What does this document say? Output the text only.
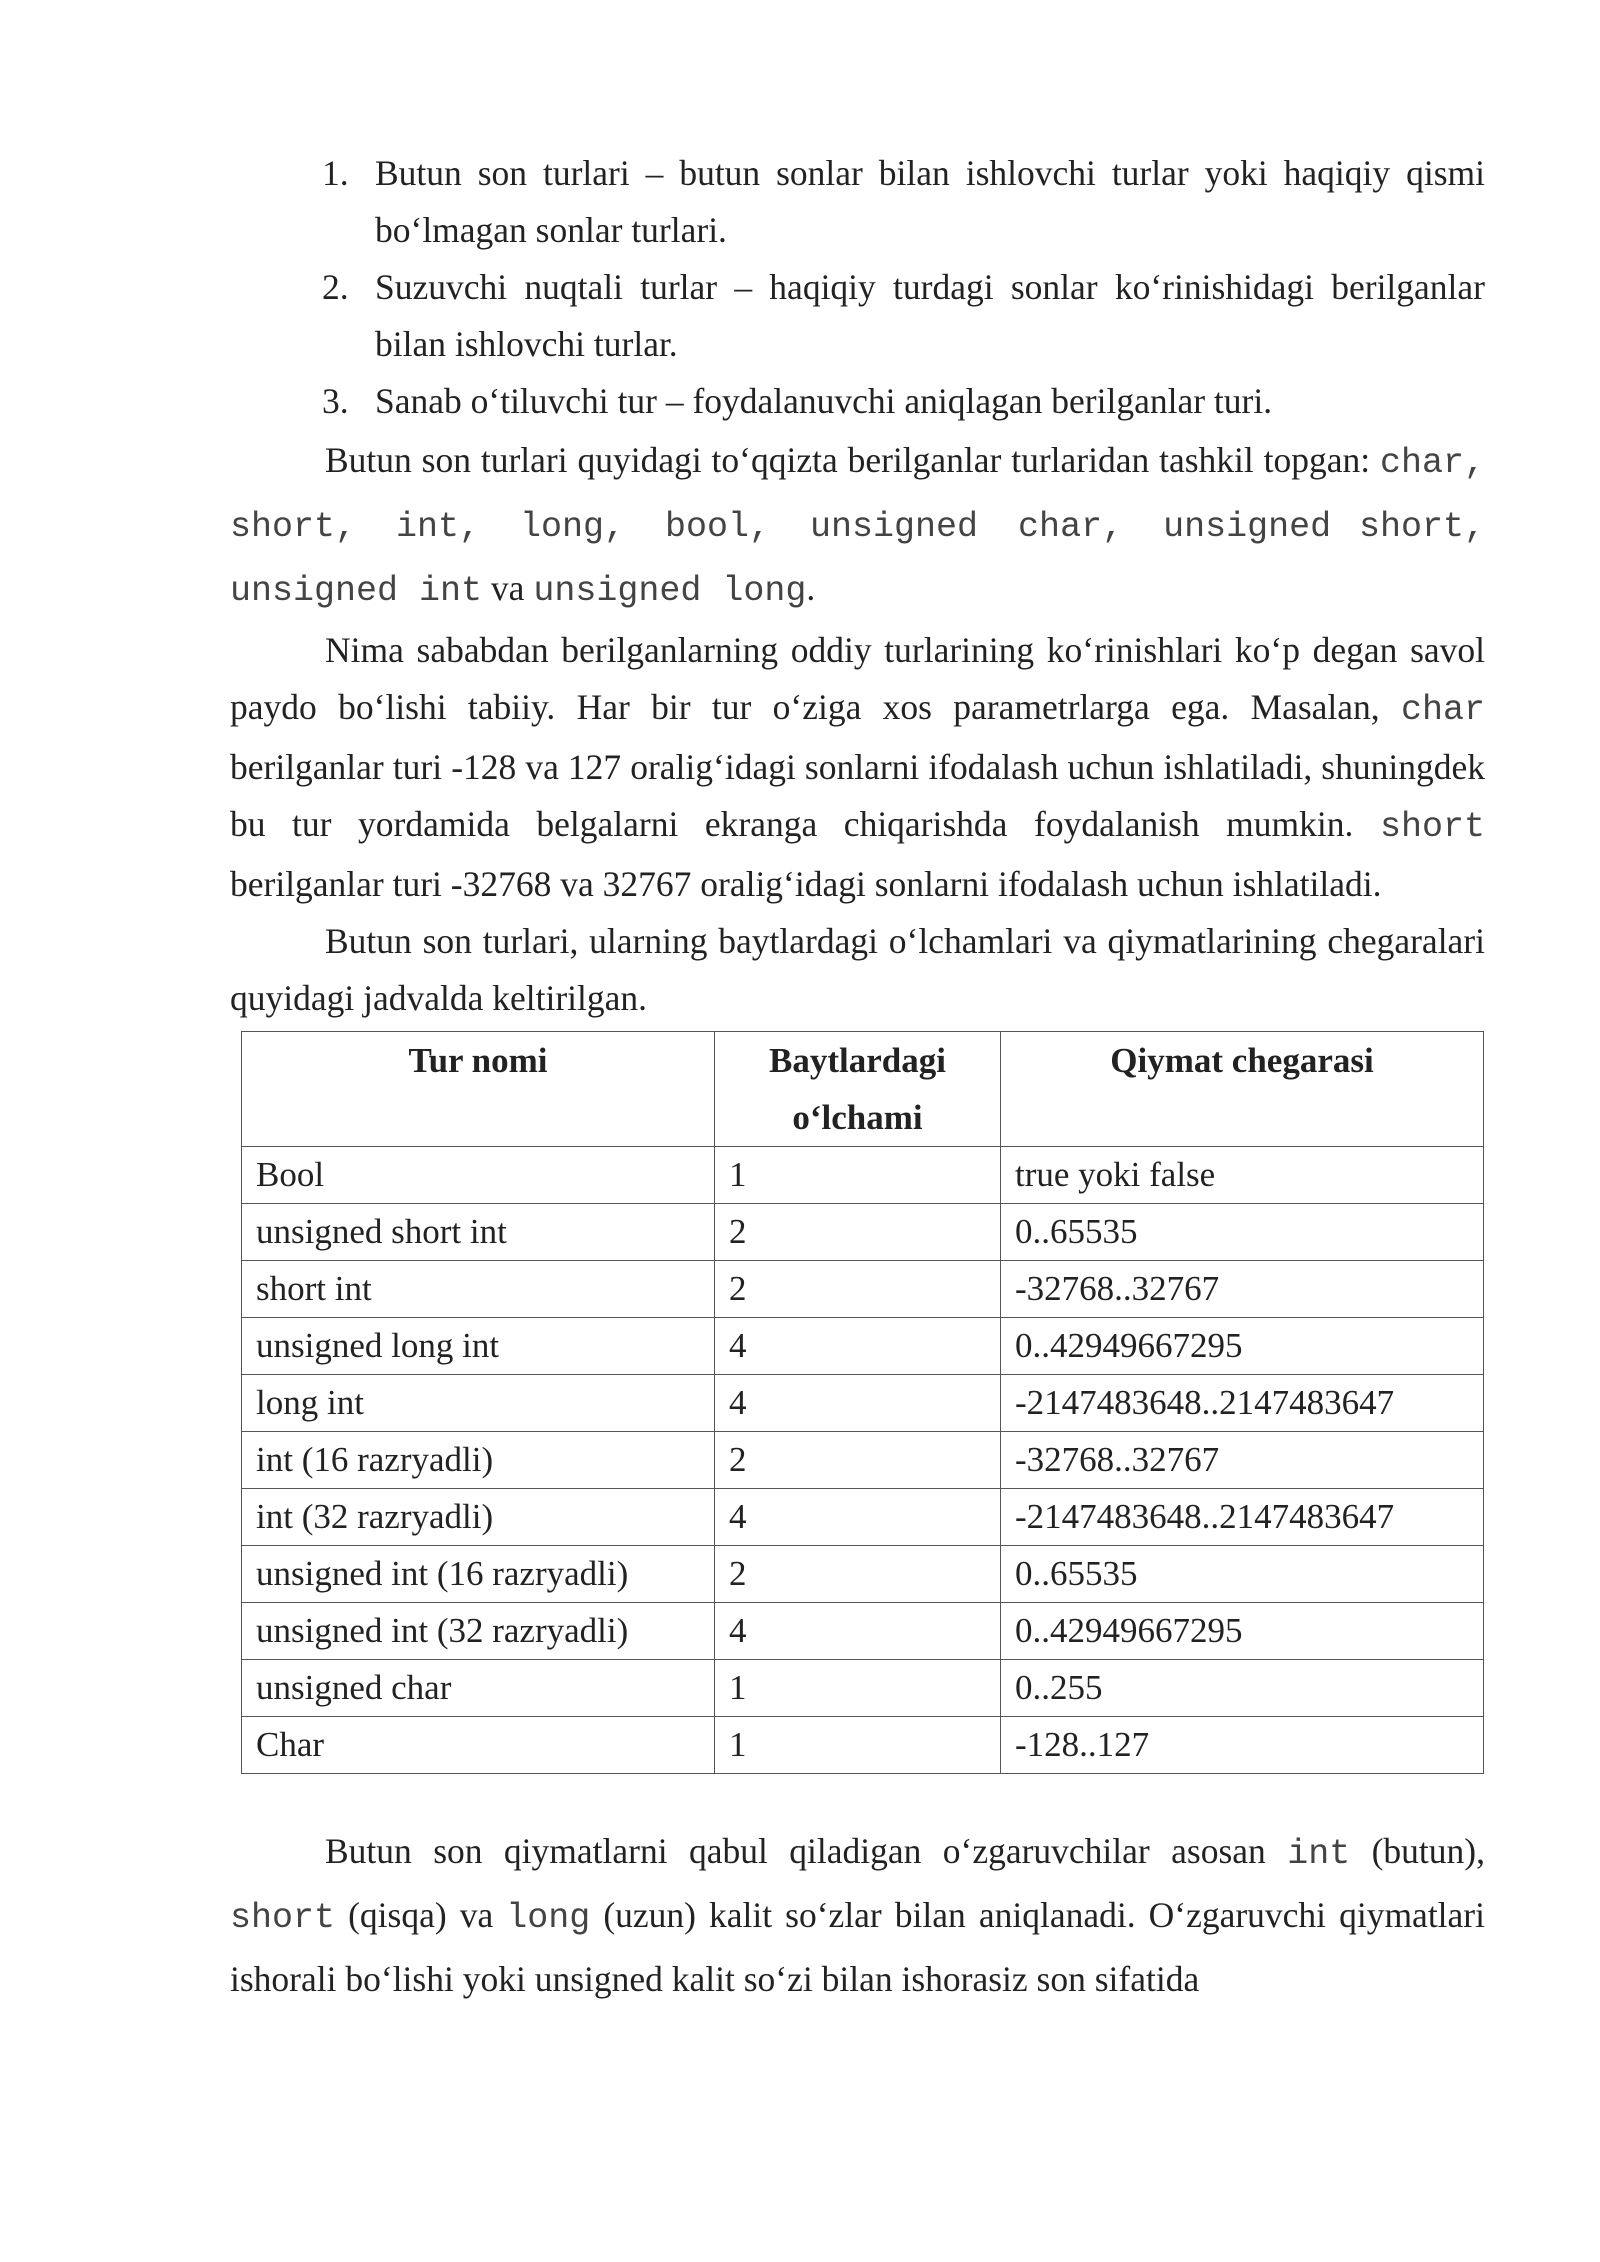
1. Butun son turlari – butun sonlar bilan ishlovchi turlar yoki haqiqiy qismi bo‘lmagan sonlar turlari.
2. Suzuvchi nuqtali turlar – haqiqiy turdagi sonlar ko‘rinishidagi berilganlar bilan ishlovchi turlar.
3. Sanab o‘tiluvchi tur – foydalanuvchi aniqlagan berilganlar turi.

Butun son turlari quyidagi to‘qqizta berilganlar turlaridan tashkil topgan: char, short, int, long, bool, unsigned char, unsigned short, unsigned int va unsigned long.

Nima sababdan berilganlarning oddiy turlarining ko‘rinishlari ko‘p degan savol paydo bo‘lishi tabiiy. Har bir tur o‘ziga xos parametrlarga ega. Masalan, char berilganlar turi -128 va 127 oralig‘idagi sonlarni ifodalash uchun ishlatiladi, shuningdek bu tur yordamida belgalarni ekranga chiqarishda foydalanish mumkin. short berilganlar turi -32768 va 32767 oralig‘idagi sonlarni ifodalash uchun ishlatiladi.

Butun son turlari, ularning baytlardagi o‘lchamlari va qiymatlarining chegaralari quyidagi jadvalda keltirilgan.

Tur nomi	Baytlardagi o‘lchami	Qiymat chegarasi
Bool	1	true yoki false
unsigned short int	2	0..65535
short int	2	-32768..32767
unsigned long int	4	0..42949667295
long int	4	-2147483648..2147483647
int (16 razryadli)	2	-32768..32767
int (32 razryadli)	4	-2147483648..2147483647
unsigned int (16 razryadli)	2	0..65535
unsigned int (32 razryadli)	4	0..42949667295
unsigned char	1	0..255
Char	1	-128..127

Butun son qiymatlarni qabul qiladigan o‘zgaruvchilar asosan int (butun), short (qisqa) va long (uzun) kalit so‘zlar bilan aniqlanadi. O‘zgaruvchi qiymatlari ishorali bo‘lishi yoki unsigned kalit so‘zi bilan ishorasiz son sifatida
